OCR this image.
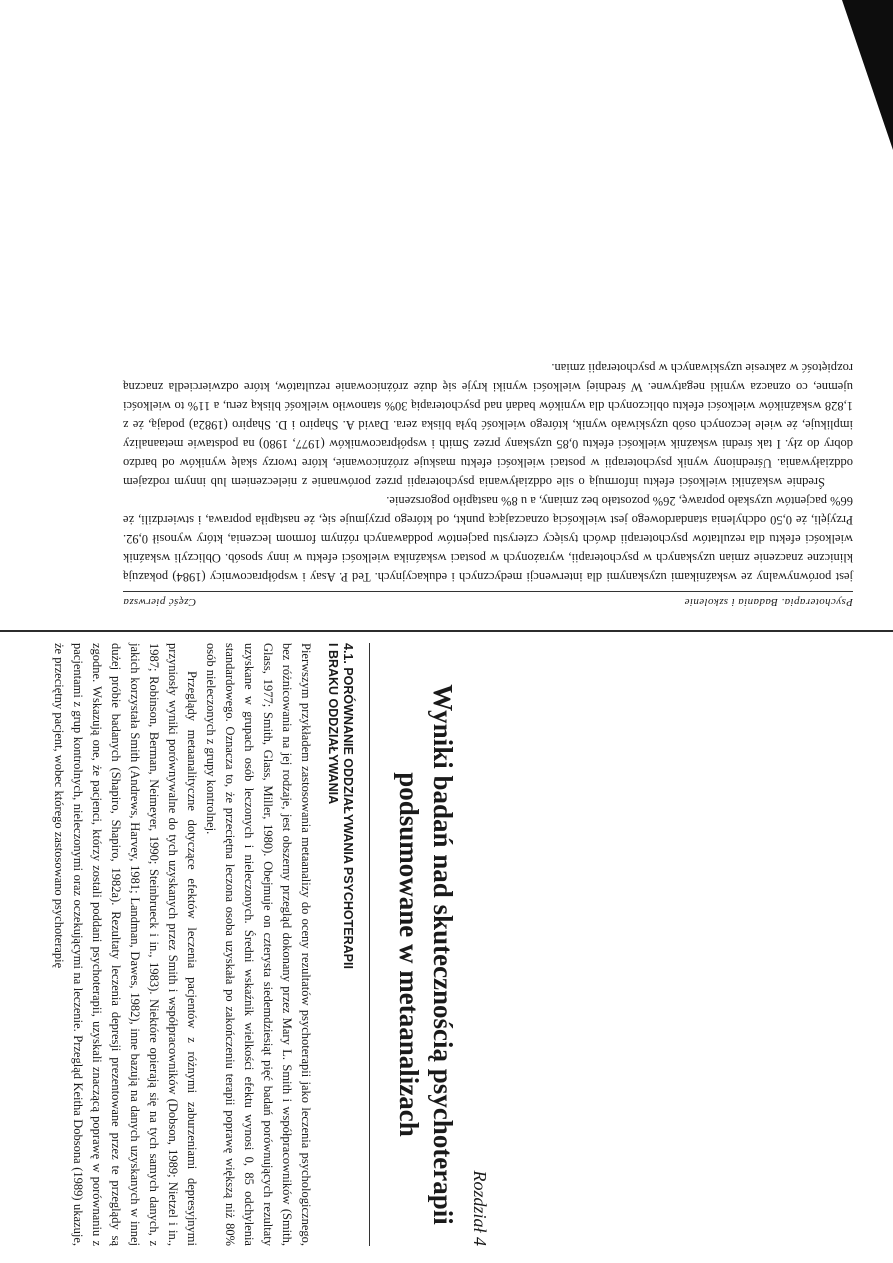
Psychoterapia. Badania i szkolenie
Część pierwsza

jest porównywalny ze wskaźnikami uzyskanymi dla interwencji medycznych i edukacyjnych. Ted P. Asay i współpracownicy (1984) pokazują kliniczne znaczenie zmian uzyskanych w psychoterapii, wyrażonych w postaci wskaźnika wielkości efektu w inny sposób. Obliczyli wskaźnik wielkości efektu dla rezultatów psychoterapii dwóch tysięcy czterystu pacjentów poddawanych różnym formom leczenia, który wynosił 0,92. Przyjęli, że 0,50 odchylenia standardowego jest wielkością oznaczającą punkt, od którego przyjmuje się, że nastąpiła poprawa, i stwierdzili, że 66% pacjentów uzyskało poprawę, 26% pozostało bez zmiany, a u 8% nastąpiło pogorszenie.

Średnie wskaźniki wielkości efektu informują o sile oddziaływania psychoterapii przez porównanie z nieleczeniem lub innym rodzajem oddziaływania. Uśredniony wynik psychoterapii w postaci wielkości efektu maskuje zróżnicowanie, które tworzy skalę wyników od bardzo dobry do zły. I tak średni wskaźnik wielkości efektu 0,85 uzyskany przez Smith i współpracowników (1977, 1980) na podstawie metaanalizy implikuje, że wiele leczonych osób uzyskiwało wynik, którego wielkość była bliska zera. David A. Shapiro i D. Shapiro (1982a) podają, że z 1,828 wskaźników wielkości efektu obliczonych dla wyników badań nad psychoterapią 30% stanowiło wielkość bliską zeru, a 11% to wielkości ujemne, co oznacza wyniki negatywne. W średniej wielkości wyniki kryje się duże zróżnicowanie rezultatów, które odzwierciedla znaczną rozpiętość w zakresie uzyskiwanych w psychoterapii zmian.

Rozdział 4
Wyniki badań nad skutecznością psychoterapii
podsumowane w metaanalizach
4.1. PORÓWNANIE ODDZIAŁYWANIA PSYCHOTERAPII
I BRAKU ODDZIAŁYWANIA

Pierwszym przykładem zastosowania metaanalizy do oceny rezultatów psychoterapii jako leczenia psychologicznego, bez różnicowania na jej rodzaje, jest obszerny przegląd dokonany przez Mary L. Smith i współpracowników (Smith, Glass, 1977; Smith, Glass, Miller, 1980). Obejmuje on czterysta siedemdziesiąt pięć badań porównujących rezultaty uzyskane w grupach osób leczonych i nieleczonych. Średni wskaźnik wielkości efektu wynosi 0, 85 odchylenia standardowego. Oznacza to, że przeciętna leczona osoba uzyskała po zakończeniu terapii poprawę większą niż 80% osób nieleczonych z grupy kontrolnej.

Przeglądy metaanalityczne dotyczące efektów leczenia pacjentów z różnymi zaburzeniami depresyjnymi przyniosły wyniki porównywalne do tych uzyskanych przez Smith i współpracowników (Dobson, 1989; Nietzel i in., 1987; Robinson, Berman, Neimeyer, 1990; Steinbrueck i in., 1983). Niektóre opierają się na tych samych danych, z jakich korzystała Smith (Andrews, Harvey, 1981; Landman, Dawes, 1982), inne bazują na danych uzyskanych w innej dużej próbie badanych (Shapiro, Shapiro, 1982a). Rezultaty leczenia depresji prezentowane przez te przeglądy są zgodne. Wskazują one, że pacjenci, którzy zostali poddani psychoterapii, uzyskali znaczącą poprawę w porównaniu z pacjentami z grup kontrolnych, nieleczonymi oraz oczekującymi na leczenie. Przegląd Keitha Dobsona (1989) ukazuje, że przeciętny pacjent, wobec którego zastosowano psychoterapię
